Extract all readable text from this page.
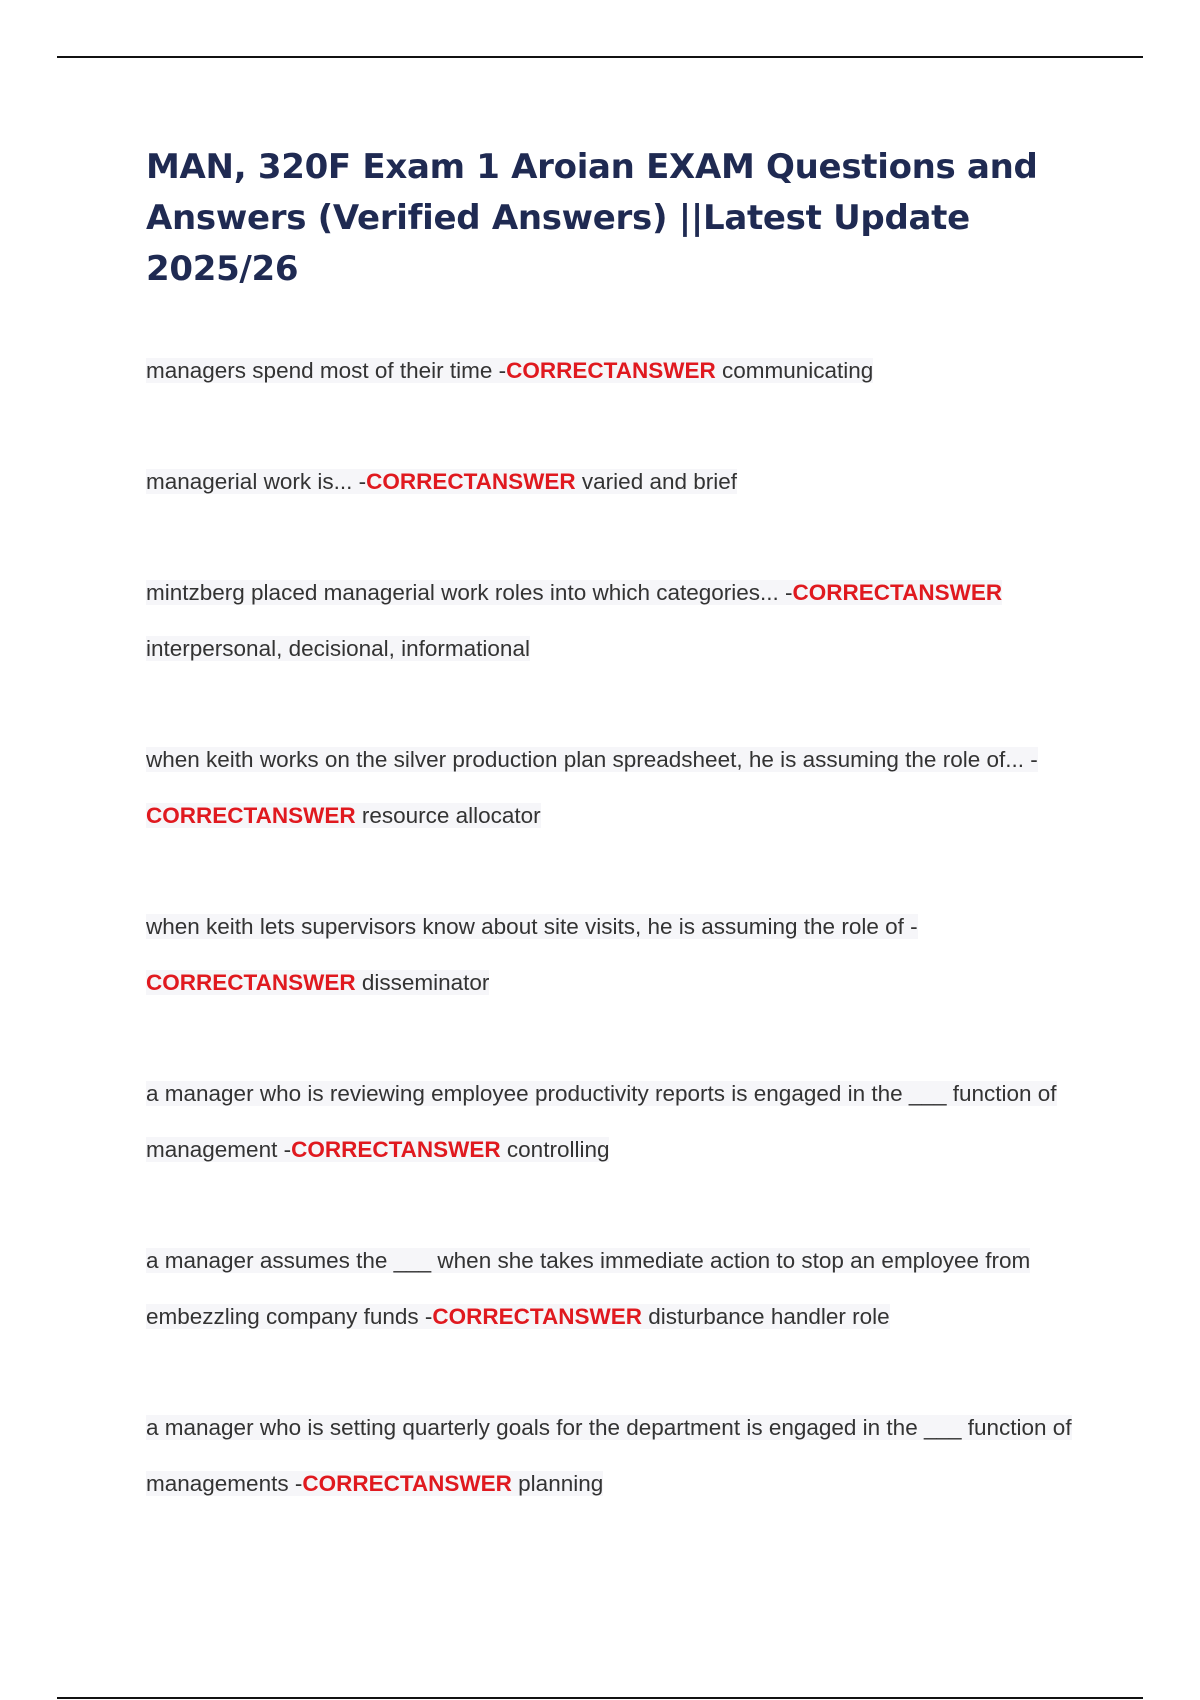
MAN, 320F Exam 1 Aroian EXAM Questions and Answers (Verified Answers) ||Latest Update 2025/26
managers spend most of their time -CORRECTANSWER communicating
managerial work is... -CORRECTANSWER varied and brief
mintzberg placed managerial work roles into which categories... -CORRECTANSWER interpersonal, decisional, informational
when keith works on the silver production plan spreadsheet, he is assuming the role of... -CORRECTANSWER resource allocator
when keith lets supervisors know about site visits, he is assuming the role of -CORRECTANSWER disseminator
a manager who is reviewing employee productivity reports is engaged in the ___ function of management -CORRECTANSWER controlling
a manager assumes the ___ when she takes immediate action to stop an employee from embezzling company funds -CORRECTANSWER disturbance handler role
a manager who is setting quarterly goals for the department is engaged in the ___ function of managements -CORRECTANSWER planning
